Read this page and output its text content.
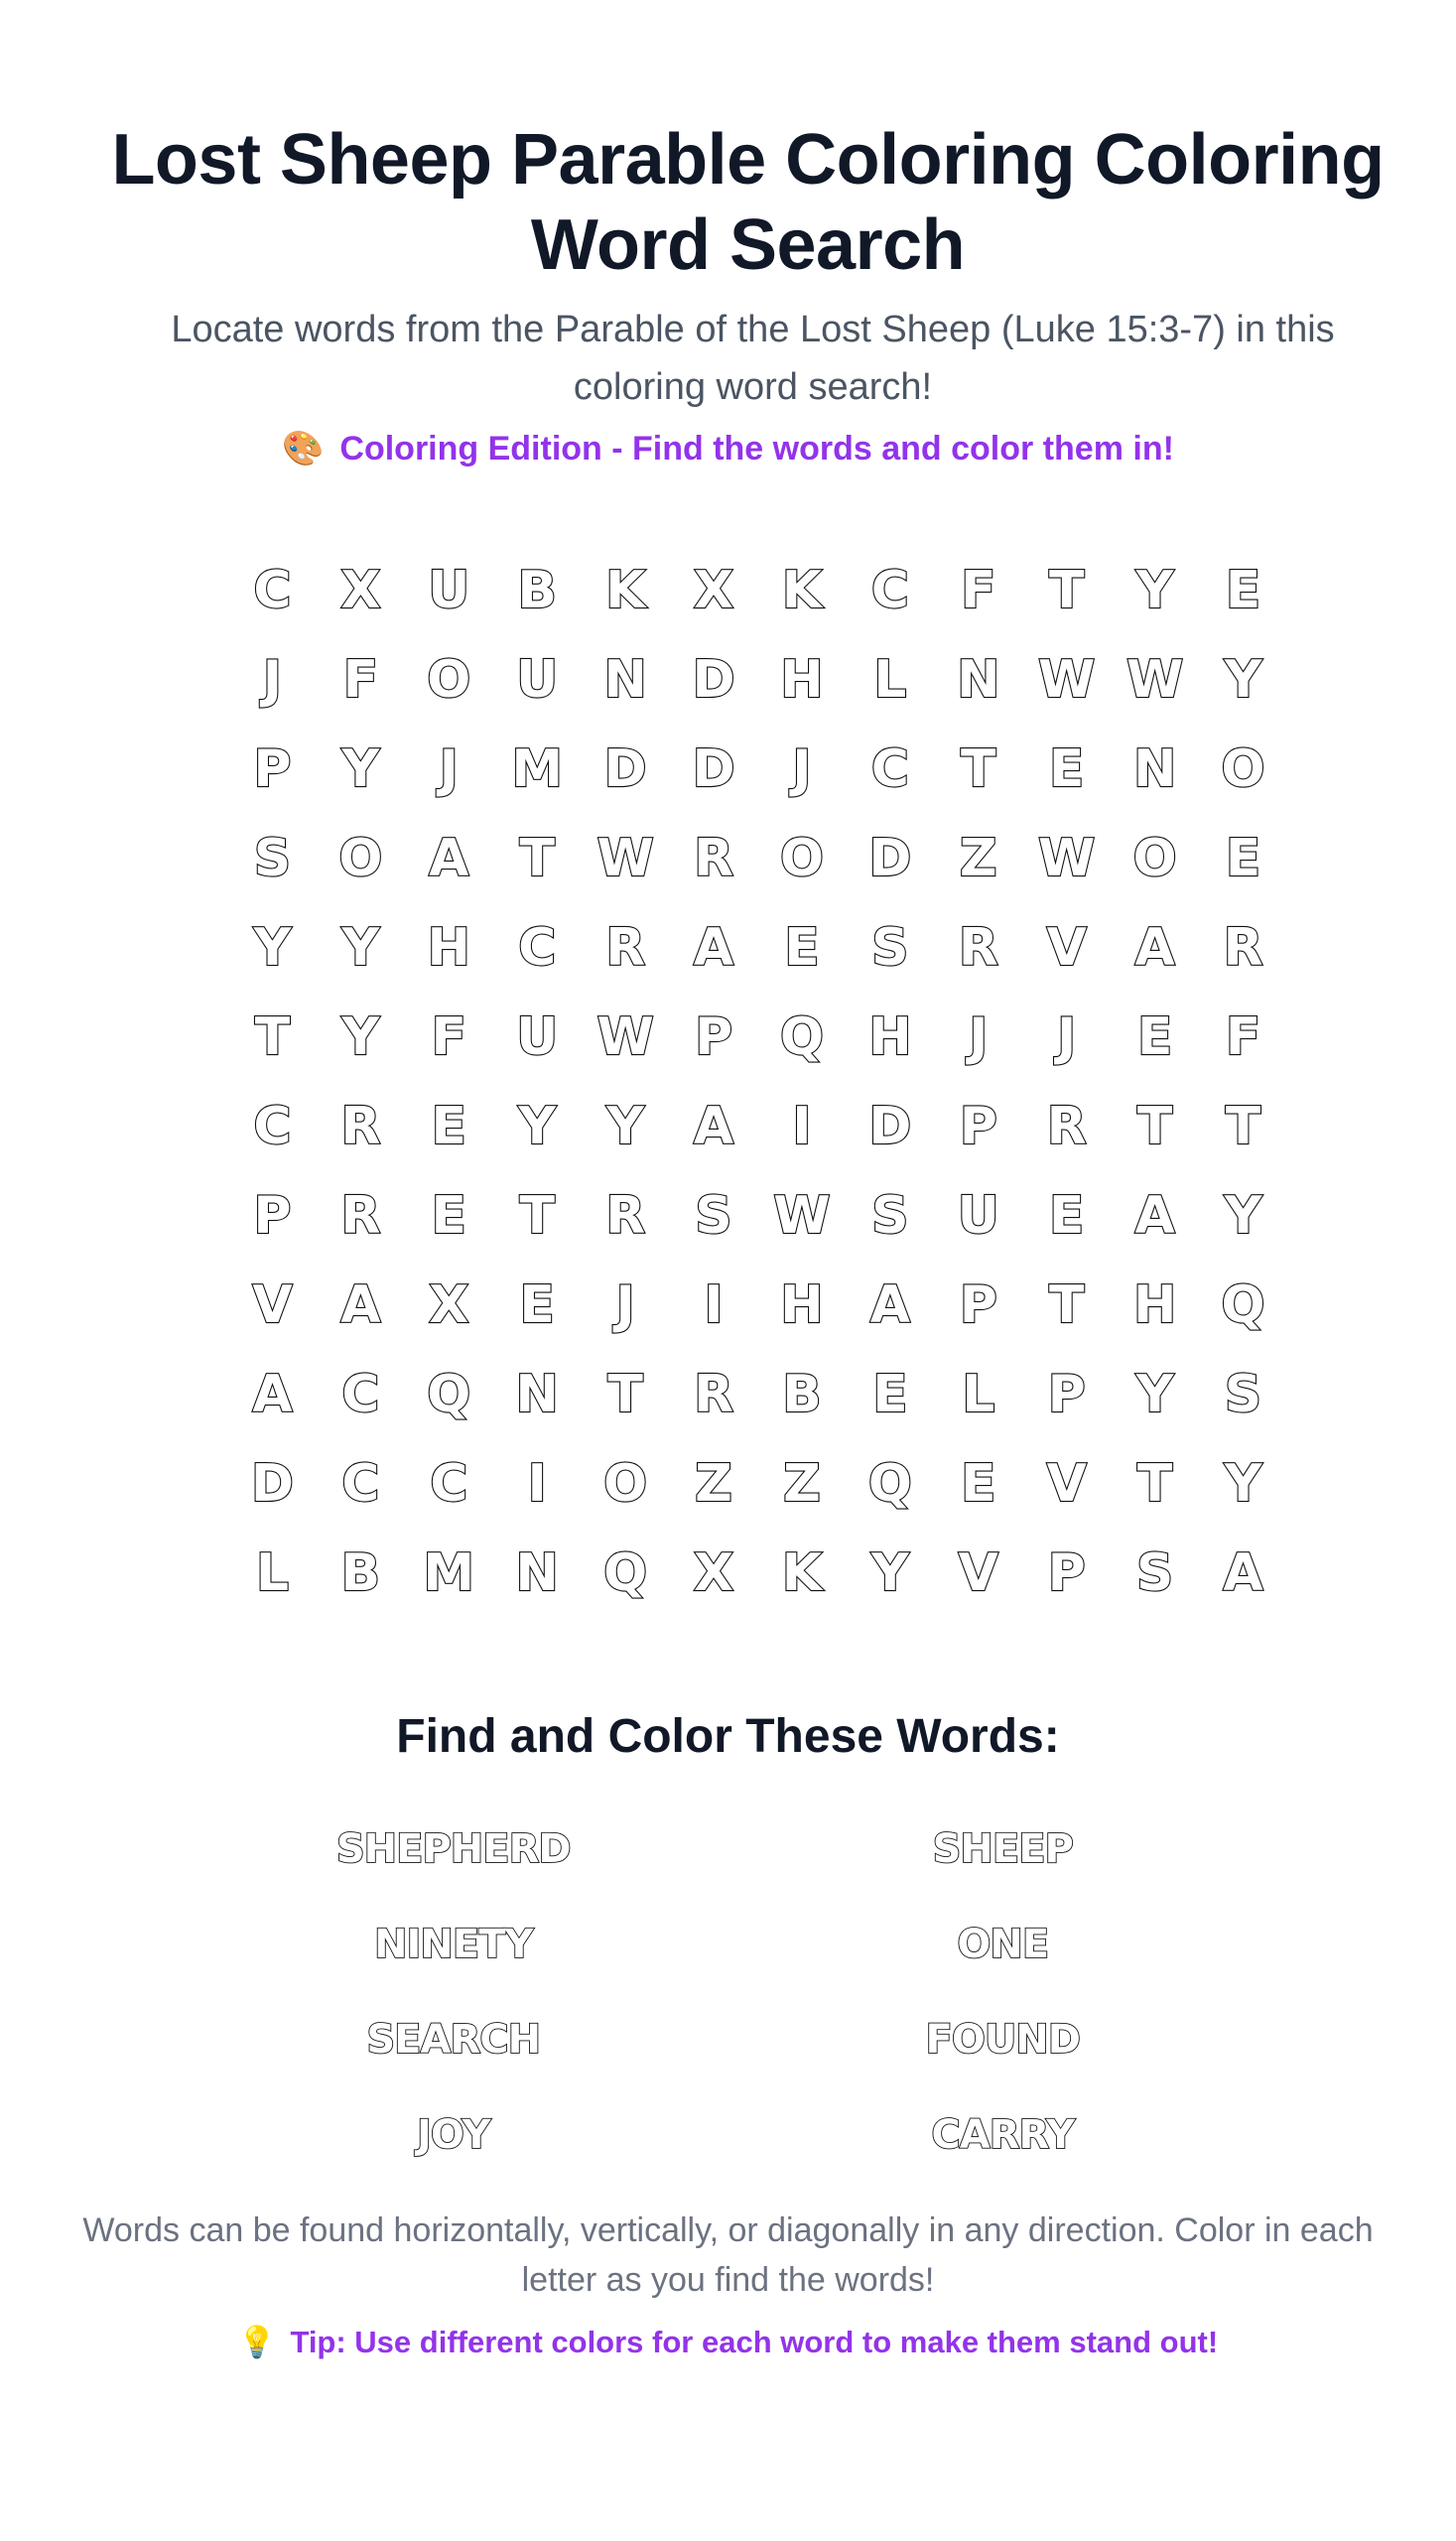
Lost Sheep Parable Coloring Coloring Word Search

Locate words from the Parable of the Lost Sheep (Luke 15:3-7) in this coloring word search!

🎨 Coloring Edition - Find the words and color them in!
C X U B K X K C	F	T	Y	E
J	F O U N D H L N W W Y
P Y	J	M D D	J	C	T	E N O
S O A T W R O D Z W O E
Y Y H C R A E	S R V A R
T	Y	F U W P Q H	J	J	E	F
C R E	Y Y A	I	D P R T	T
P R E	T R S W S U E A Y
V A X E	J	I	H A P	T H Q
A C Q N T R B E	L	P Y S
D C C	I	O Z Z Q E V T	Y
L	B M N Q X K Y V P S A
Find and Color These Words:
SHEPHERD	SHEEP
NINETY	ONE
SEARCH	FOUND
JOY	CARRY

Words can be found horizontally, vertically, or diagonally in any direction. Color in each letter as you find the words!

💡 Tip: Use different colors for each word to make them stand out!
